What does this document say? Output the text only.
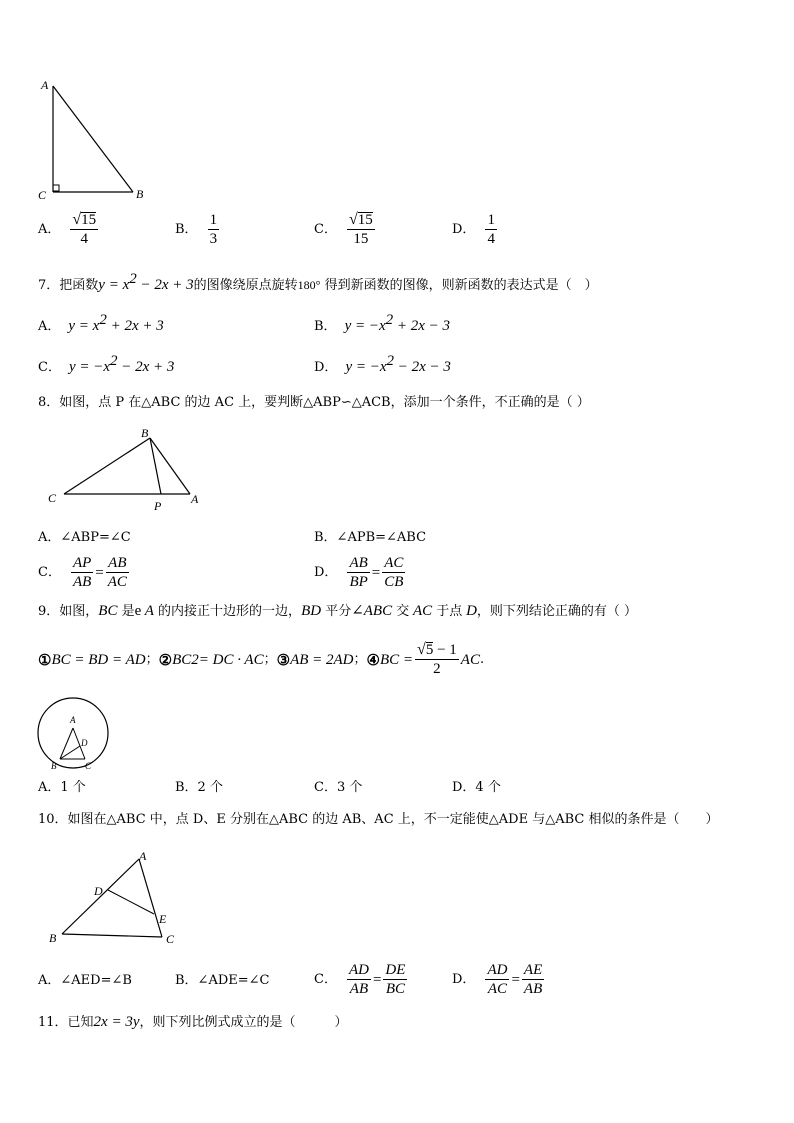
A
C	B
A． $\frac{√ 15}{4}$	B． $\frac{1}{3}$	C． $\frac{√ 15}{15}$	D． $\frac{1}{4}$
7．把函数$y = x^2 - 2x + 3$的图像绕原点旋转180° 得到新函数的图像，则新函数的表达式是（　）
A． $y = x^2 + 2x + 3$	B． $y = -x^2 + 2x - 3$
C． $y = -x^2 - 2x + 3$	D． $y = -x^2 - 2x - 3$
8．如图，点 P 在△ABC 的边 AC 上，要判断△ABP∽△ACB，添加一个条件，不正确的是（ ）
B
C
P A
A．∠ABP=∠C	B．∠APB=∠ABC
C． $\frac{AP}{AB} = \frac{AB}{AC}$	D． $\frac{AB}{BP} = \frac{AC}{CB}$
9．如图，BC 是e A 的内接正十边形的一边，BD 平分∠ABC 交 AC 于点 D，则下列结论正确的有（ ）
① BC = BD = AD ； ② BC 2 = DC · AC ； ③ AB = 2AD ； ④ BC = $\frac{√ 5 - 1}{2}$ AC .
A
D
B	C
A．1 个	B．2 个	C．3 个	D．4 个
10．如图在△ABC 中，点 D、E 分别在△ABC 的边 AB、AC 上，不一定能使△ADE 与△ABC 相似的条件是（　　）
A
D
E
B	C
A．∠AED=∠B	B．∠ADE=∠C	C． $\frac{AD}{AB} = \frac{DE}{BC}$	D． $\frac{AD}{AC} = \frac{AE}{AB}$
11．已知2x = 3y，则下列比例式成立的是（　　　）
